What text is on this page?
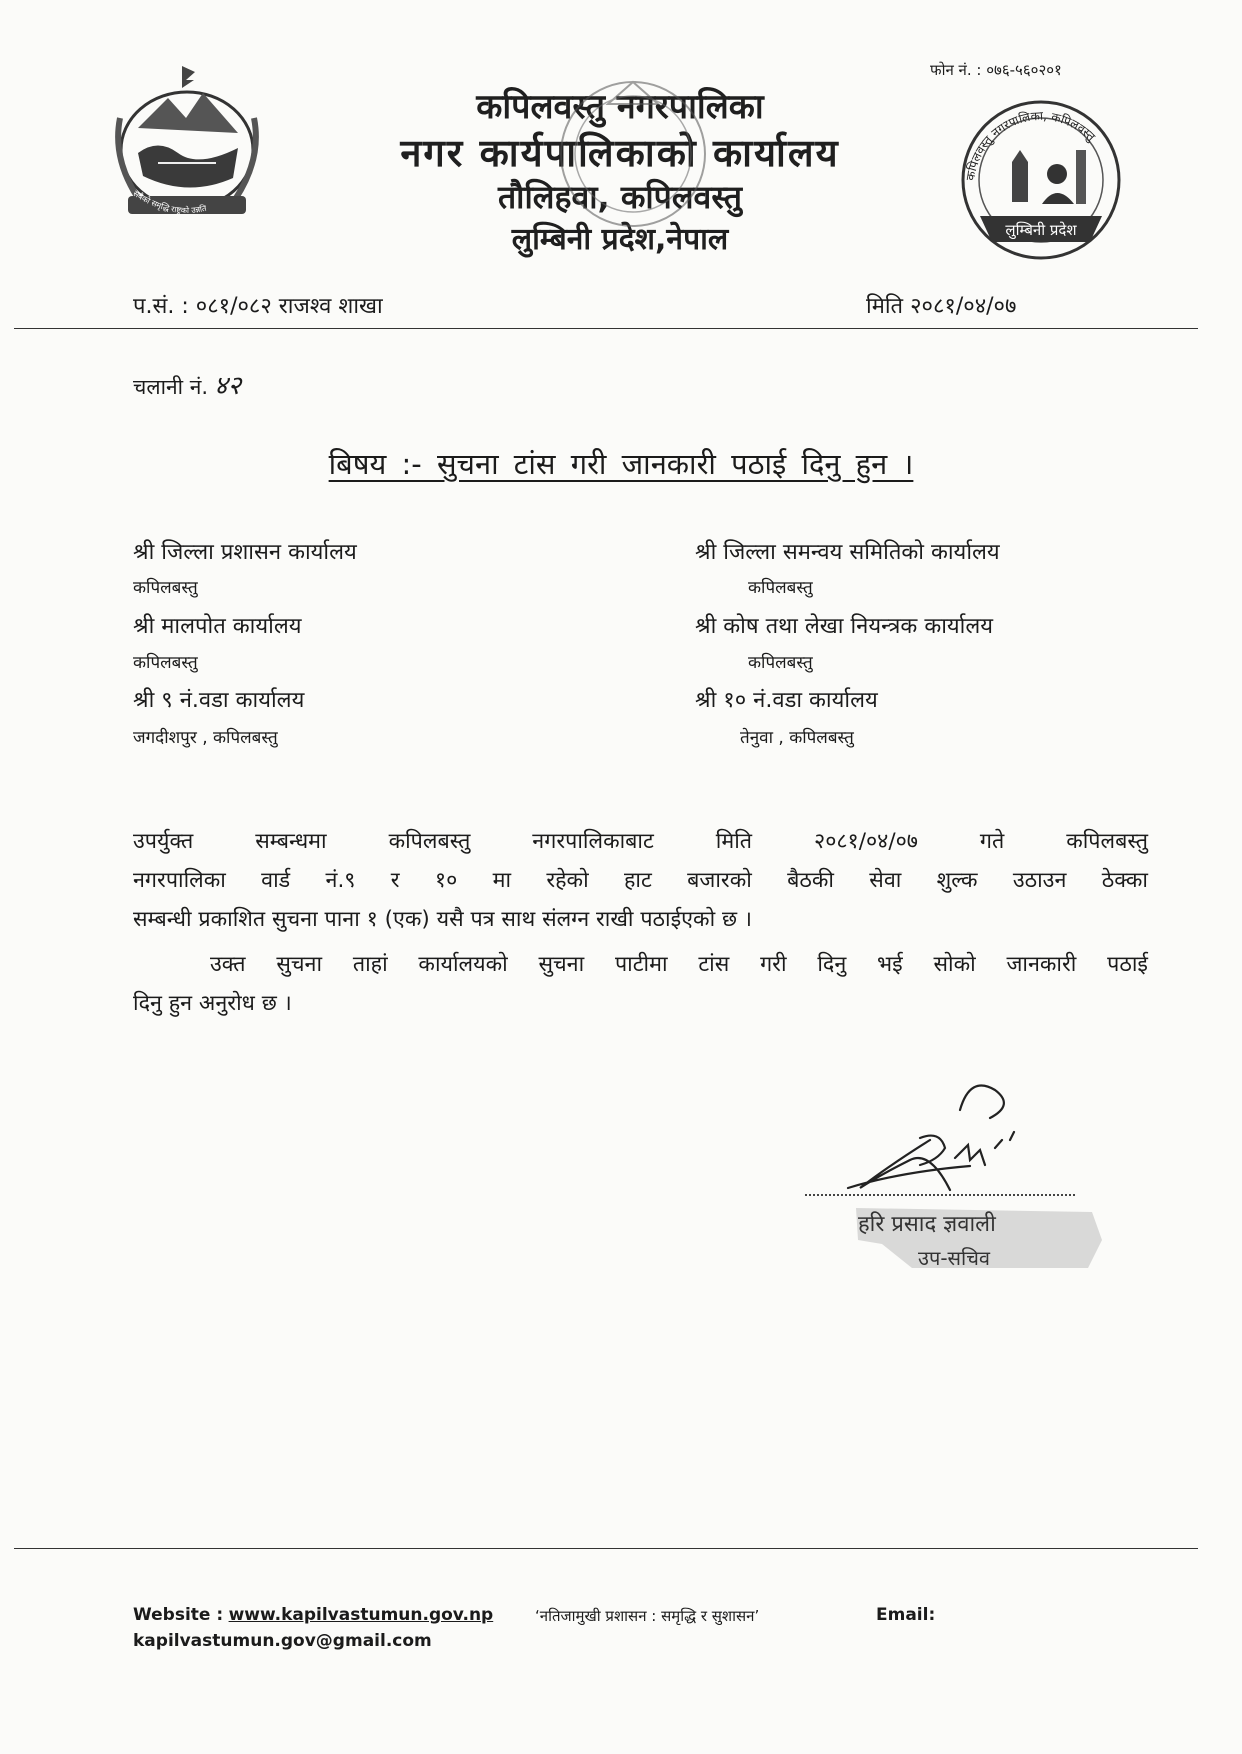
फोन नं. : ०७६-५६०२०१
सबैको समृद्धि राष्ट्रको उन्नति
कपिलवस्तु नगरपालिका
नगर कार्यपालिकाको कार्यालय
तौलिहवा, कपिलवस्तु
लुम्बिनी प्रदेश,नेपाल
कपिलवस्तु नगरपालिका, कपिलवस्तु
लुम्बिनी प्रदेश
प.सं. : ०८१/०८२ राजश्व शाखा	मिति २०८१/०४/०७
चलानी नं. ४२
बिषय :- सुचना टांस गरी जानकारी पठाई दिनु हुन ।
श्री जिल्ला प्रशासन कार्यालय
कपिलबस्तु
श्री मालपोत कार्यालय
कपिलबस्तु
श्री ९ नं.वडा कार्यालय
जगदीशपुर , कपिलबस्तु
श्री जिल्ला समन्वय समितिको कार्यालय
कपिलबस्तु
श्री कोष तथा लेखा नियन्त्रक कार्यालय
कपिलबस्तु
श्री १० नं.वडा कार्यालय
तेनुवा , कपिलबस्तु
उपर्युक्त सम्बन्धमा कपिलबस्तु नगरपालिकाबाट मिति २०८१/०४/०७ गते कपिलबस्तु
नगरपालिका वार्ड नं.९ र १० मा रहेको हाट बजारको बैठकी सेवा शुल्क उठाउन ठेक्का
सम्बन्धी प्रकाशित सुचना पाना १ (एक) यसै पत्र साथ संलग्न राखी पठाईएको छ ।
उक्त सुचना ताहां कार्यालयको सुचना पाटीमा टांस गरी दिनु भई सोको जानकारी पठाई
दिनु हुन अनुरोध छ ।
हरि प्रसाद ज्ञवाली
उप-सचिव
Website : www.kapilvastumun.gov.np	‘नतिजामुखी प्रशासन : समृद्धि र सुशासन’	Email:
kapilvastumun.gov@gmail.com
